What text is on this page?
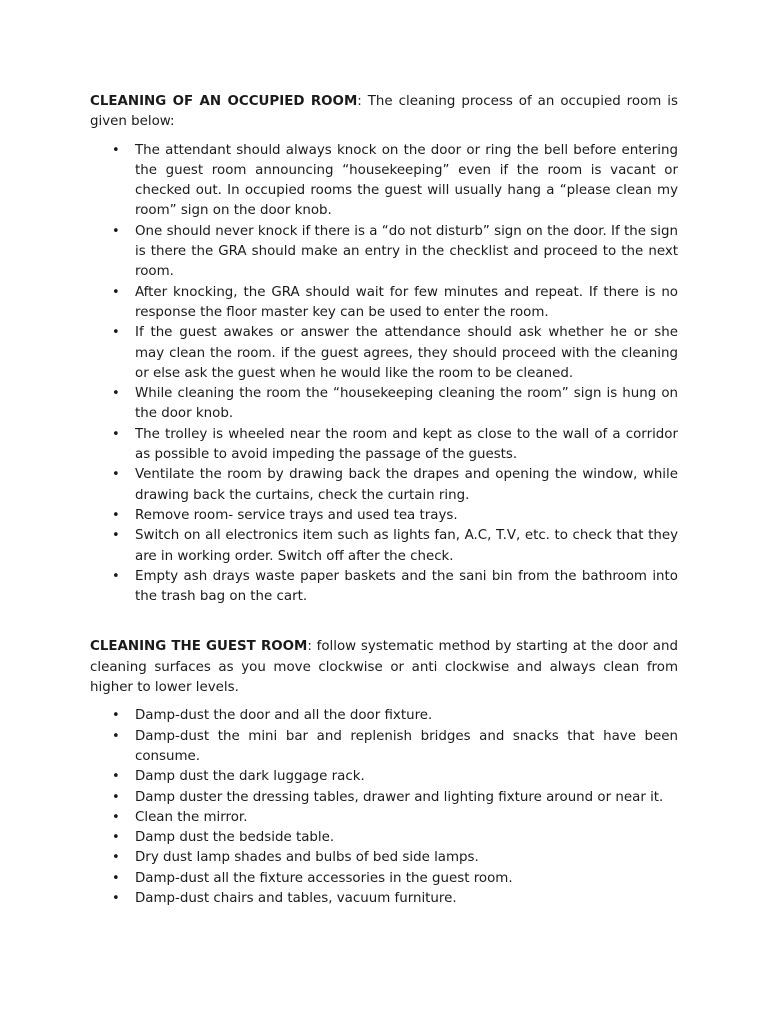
CLEANING OF AN OCCUPIED ROOM: The cleaning process of an occupied room is given below:

• The attendant should always knock on the door or ring the bell before entering the guest room announcing “housekeeping” even if the room is vacant or checked out. In occupied rooms the guest will usually hang a “please clean my room” sign on the door knob.
• One should never knock if there is a “do not disturb” sign on the door. If the sign is there the GRA should make an entry in the checklist and proceed to the next room.
• After knocking, the GRA should wait for few minutes and repeat. If there is no response the floor master key can be used to enter the room.
• If the guest awakes or answer the attendance should ask whether he or she may clean the room. if the guest agrees, they should proceed with the cleaning or else ask the guest when he would like the room to be cleaned.
• While cleaning the room the “housekeeping cleaning the room” sign is hung on the door knob.
• The trolley is wheeled near the room and kept as close to the wall of a corridor as possible to avoid impeding the passage of the guests.
• Ventilate the room by drawing back the drapes and opening the window, while drawing back the curtains, check the curtain ring.
• Remove room- service trays and used tea trays.
• Switch on all electronics item such as lights fan, A.C, T.V, etc. to check that they are in working order. Switch off after the check.
• Empty ash drays waste paper baskets and the sani bin from the bathroom into the trash bag on the cart.

CLEANING THE GUEST ROOM: follow systematic method by starting at the door and cleaning surfaces as you move clockwise or anti clockwise and always clean from higher to lower levels.

• Damp-dust the door and all the door fixture.
• Damp-dust the mini bar and replenish bridges and snacks that have been consume.
• Damp dust the dark luggage rack.
• Damp duster the dressing tables, drawer and lighting fixture around or near it.
• Clean the mirror.
• Damp dust the bedside table.
• Dry dust lamp shades and bulbs of bed side lamps.
• Damp-dust all the fixture accessories in the guest room.
• Damp-dust chairs and tables, vacuum furniture.
